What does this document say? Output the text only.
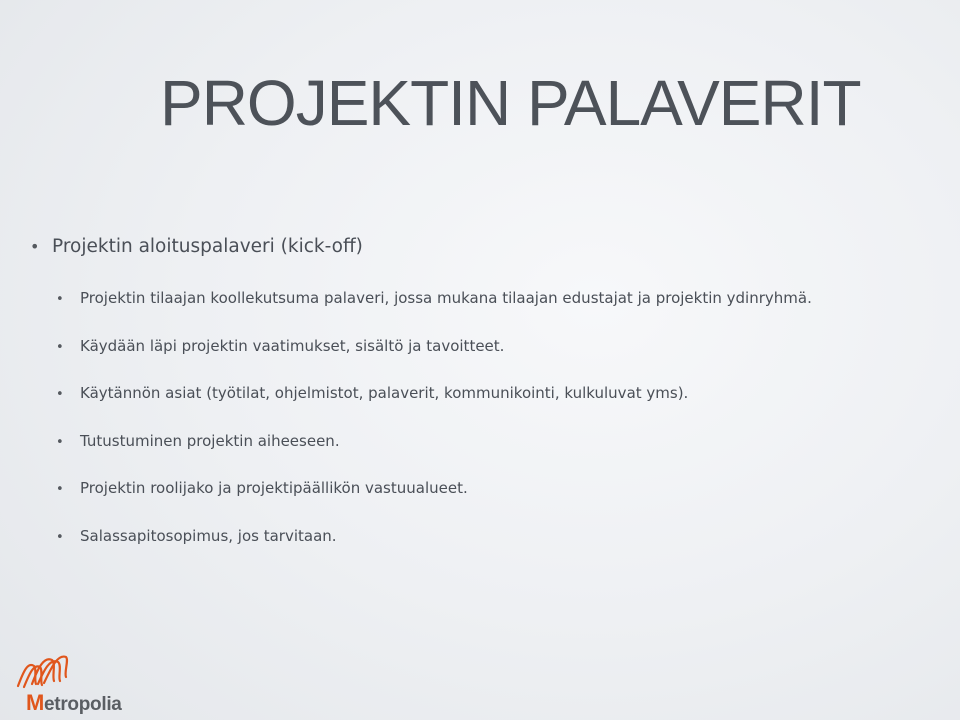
PROJEKTIN PALAVERIT
• Projektin aloituspalaveri (kick-off)
• Projektin tilaajan koollekutsuma palaveri, jossa mukana tilaajan edustajat ja projektin ydinryhmä.
• Käydään läpi projektin vaatimukset, sisältö ja tavoitteet.
• Käytännön asiat (työtilat, ohjelmistot, palaverit, kommunikointi, kulkuluvat yms).
• Tutustuminen projektin aiheeseen.
• Projektin roolijako ja projektipäällikön vastuualueet.
• Salassapitosopimus, jos tarvitaan.
Metropolia
